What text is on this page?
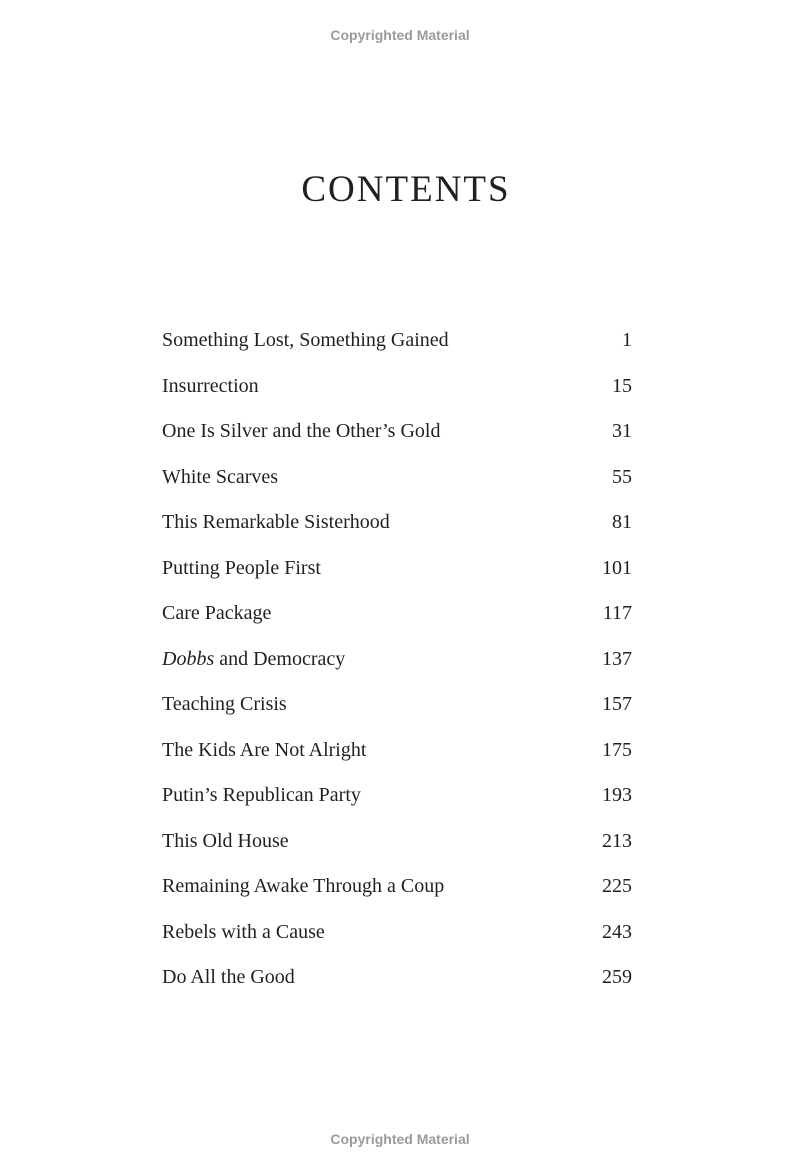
Copyrighted Material
CONTENTS
Something Lost, Something Gained	1
Insurrection	15
One Is Silver and the Other’s Gold	31
White Scarves	55
This Remarkable Sisterhood	81
Putting People First	101
Care Package	117
Dobbs and Democracy	137
Teaching Crisis	157
The Kids Are Not Alright	175
Putin’s Republican Party	193
This Old House	213
Remaining Awake Through a Coup	225
Rebels with a Cause	243
Do All the Good	259
Copyrighted Material
